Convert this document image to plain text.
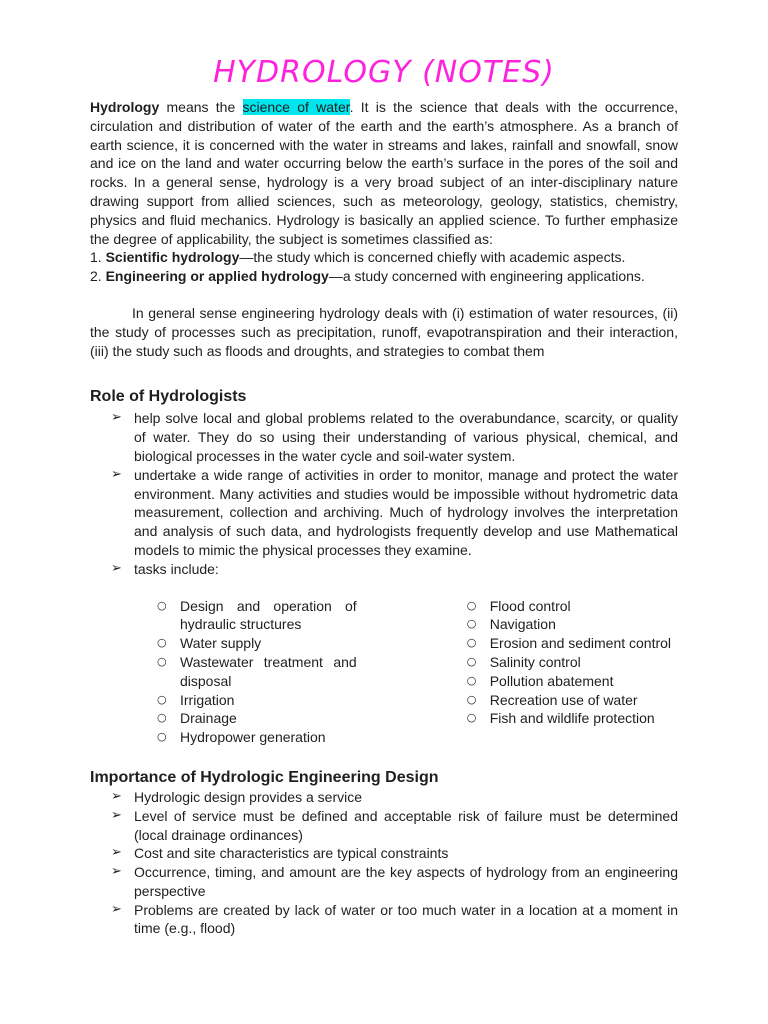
HYDROLOGY (NOTES)

Hydrology means the science of water. It is the science that deals with the occurrence, circulation and distribution of water of the earth and the earth’s atmosphere. As a branch of earth science, it is concerned with the water in streams and lakes, rainfall and snowfall, snow and ice on the land and water occurring below the earth’s surface in the pores of the soil and rocks. In a general sense, hydrology is a very broad subject of an inter-disciplinary nature drawing support from allied sciences, such as meteorology, geology, statistics, chemistry, physics and fluid mechanics. Hydrology is basically an applied science. To further emphasize the degree of applicability, the subject is sometimes classified as:

1. Scientific hydrology—the study which is concerned chiefly with academic aspects.

2. Engineering or applied hydrology—a study concerned with engineering applications.

In general sense engineering hydrology deals with (i) estimation of water resources, (ii) the study of processes such as precipitation, runoff, evapotranspiration and their interaction, (iii) the study such as floods and droughts, and strategies to combat them

Role of Hydrologists
➢ help solve local and global problems related to the overabundance, scarcity, or quality of water. They do so using their understanding of various physical, chemical, and biological processes in the water cycle and soil-water system.
➢ undertake a wide range of activities in order to monitor, manage and protect the water environment. Many activities and studies would be impossible without hydrometric data measurement, collection and archiving. Much of hydrology involves the interpretation and analysis of such data, and hydrologists frequently develop and use Mathematical models to mimic the physical processes they examine.
➢ tasks include:
○ Design and operation of hydraulic structures
○ Water supply
○ Wastewater treatment and disposal
○ Irrigation
○ Drainage
○ Hydropower generation
○ Flood control
○ Navigation
○ Erosion and sediment control
○ Salinity control
○ Pollution abatement
○ Recreation use of water
○ Fish and wildlife protection
Importance of Hydrologic Engineering Design
➢ Hydrologic design provides a service
➢ Level of service must be defined and acceptable risk of failure must be determined (local drainage ordinances)
➢ Cost and site characteristics are typical constraints
➢ Occurrence, timing, and amount are the key aspects of hydrology from an engineering perspective
➢ Problems are created by lack of water or too much water in a location at a moment in time (e.g., flood)
